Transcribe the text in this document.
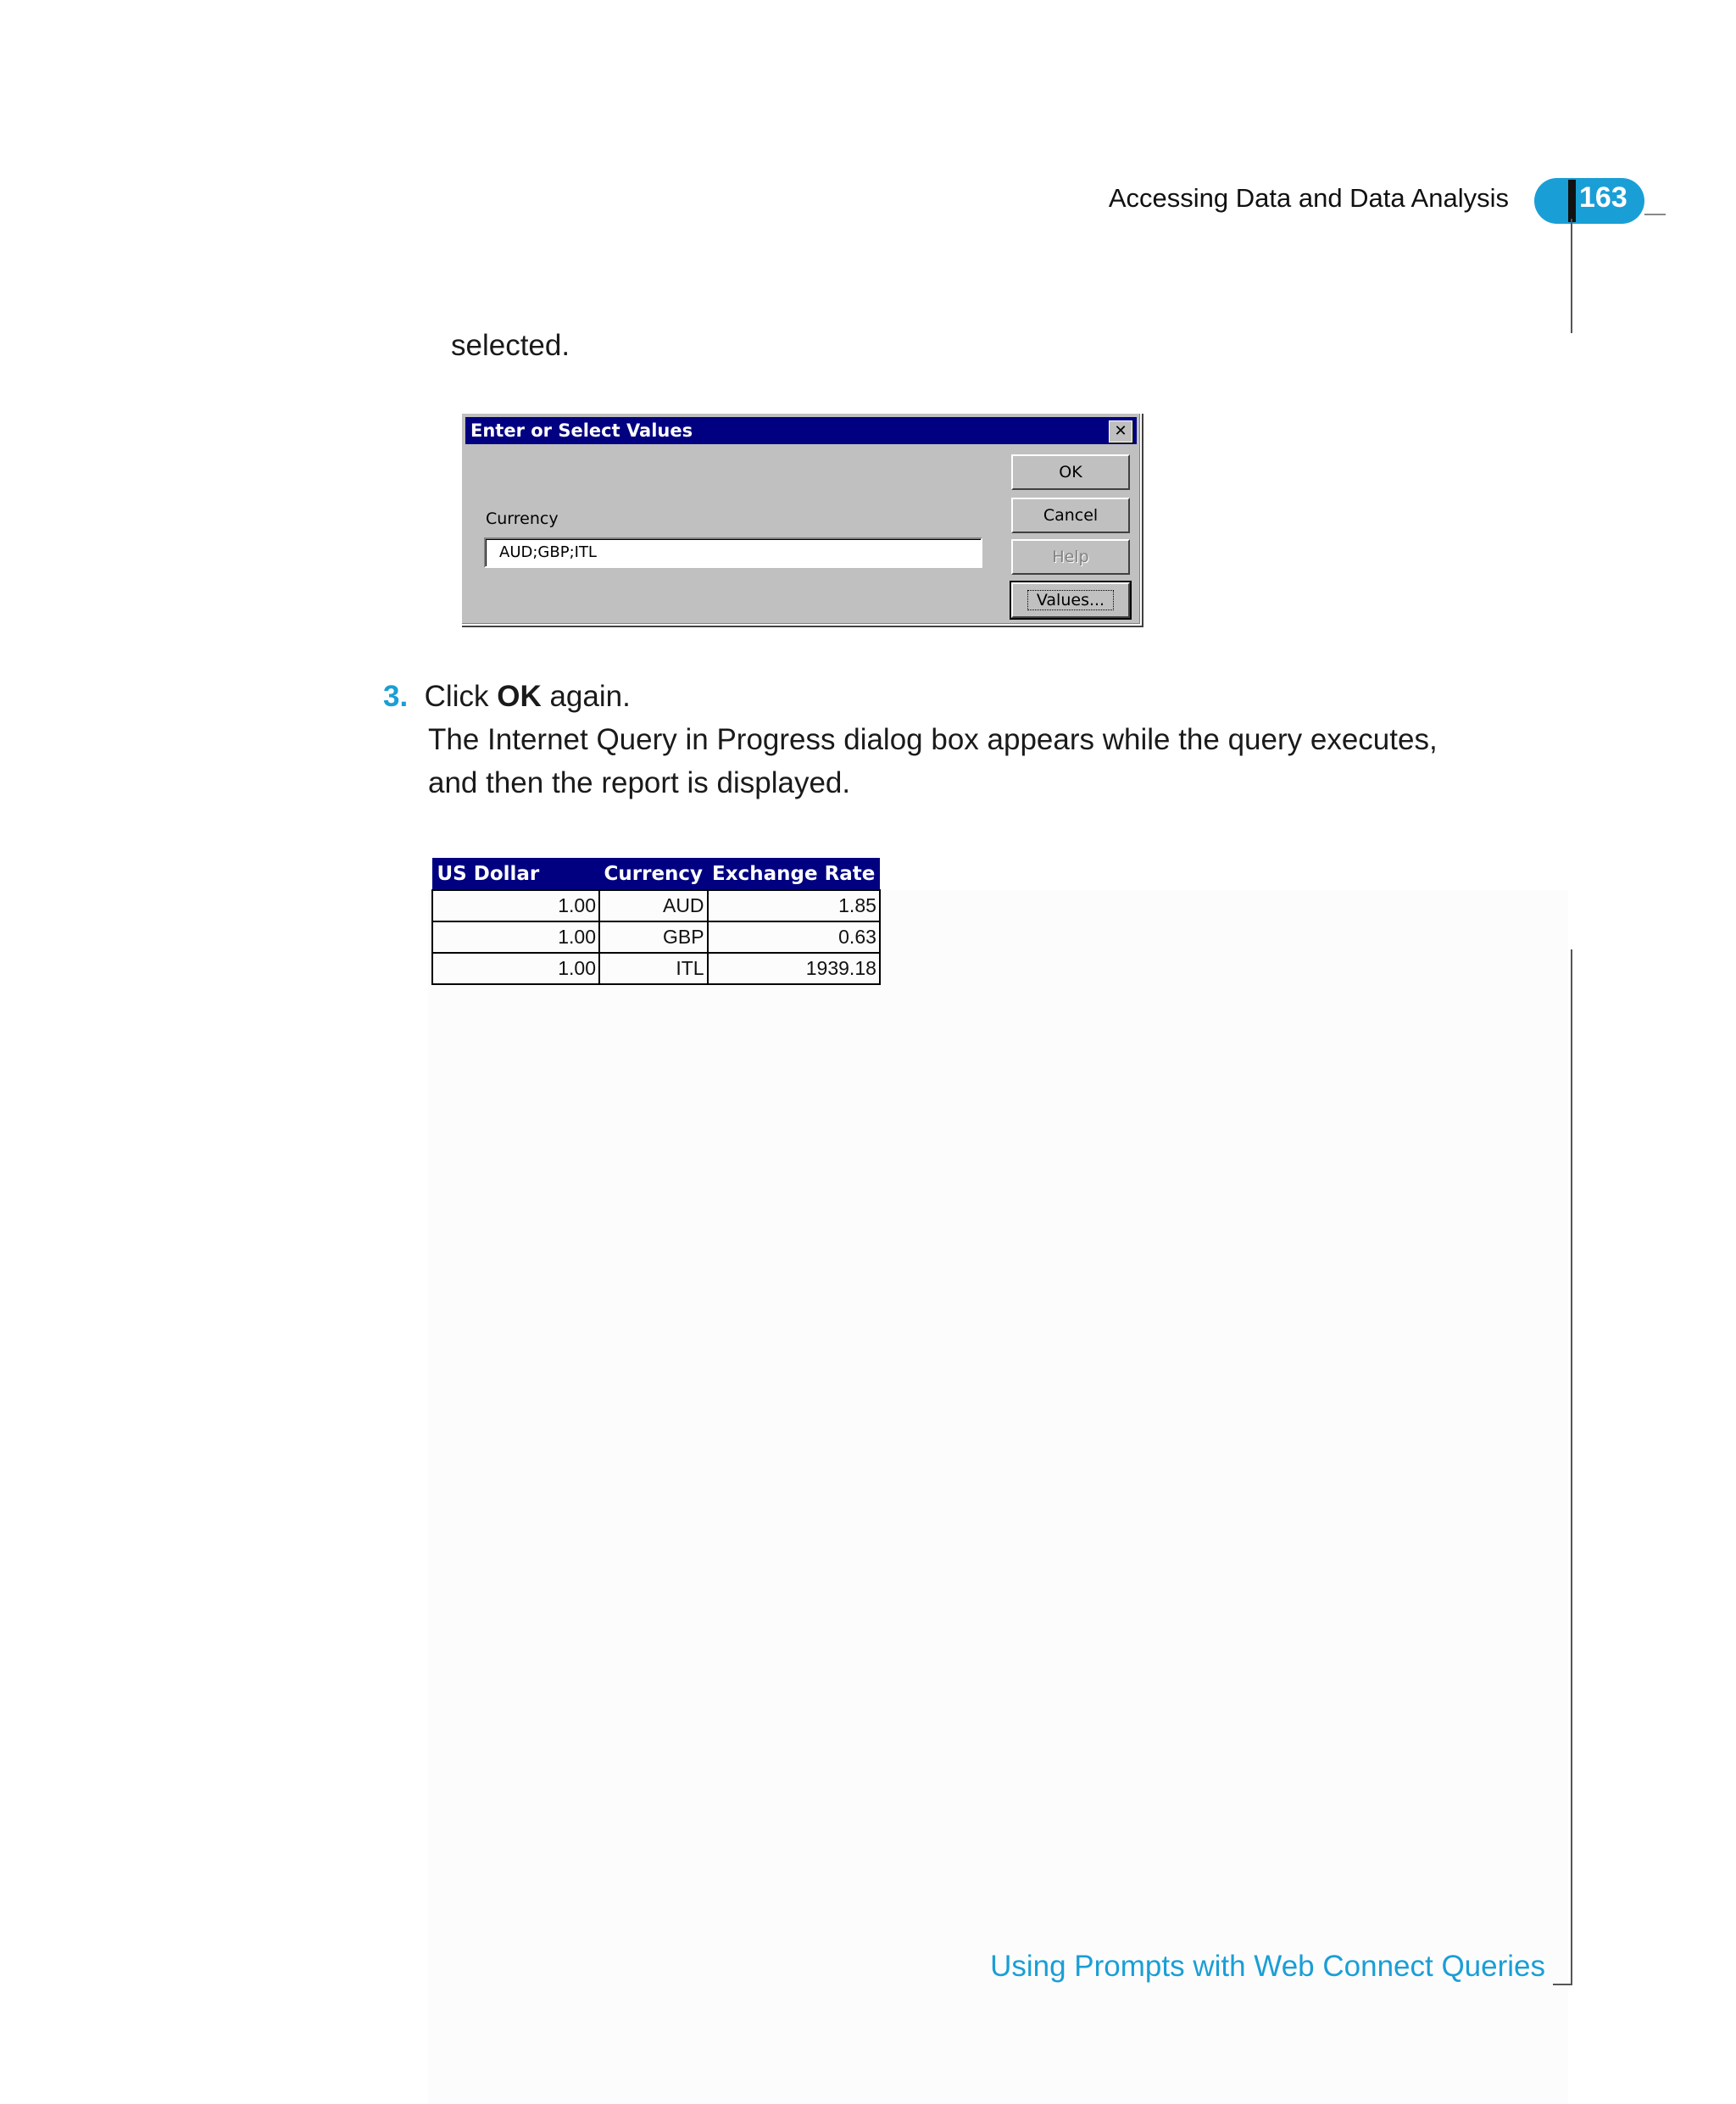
Accessing Data and Data Analysis 163
selected.
Enter or Select Values	✕
Currency
AUD;GBP;ITL
OK
Cancel
Help
Values...
3. Click OK again.
The Internet Query in Progress dialog box appears while the query executes,
and then the report is displayed.
US Dollar	Currency	Exchange Rate
1.00	AUD	1.85
1.00	GBP	0.63
1.00	ITL	1939.18
Using Prompts with Web Connect Queries
